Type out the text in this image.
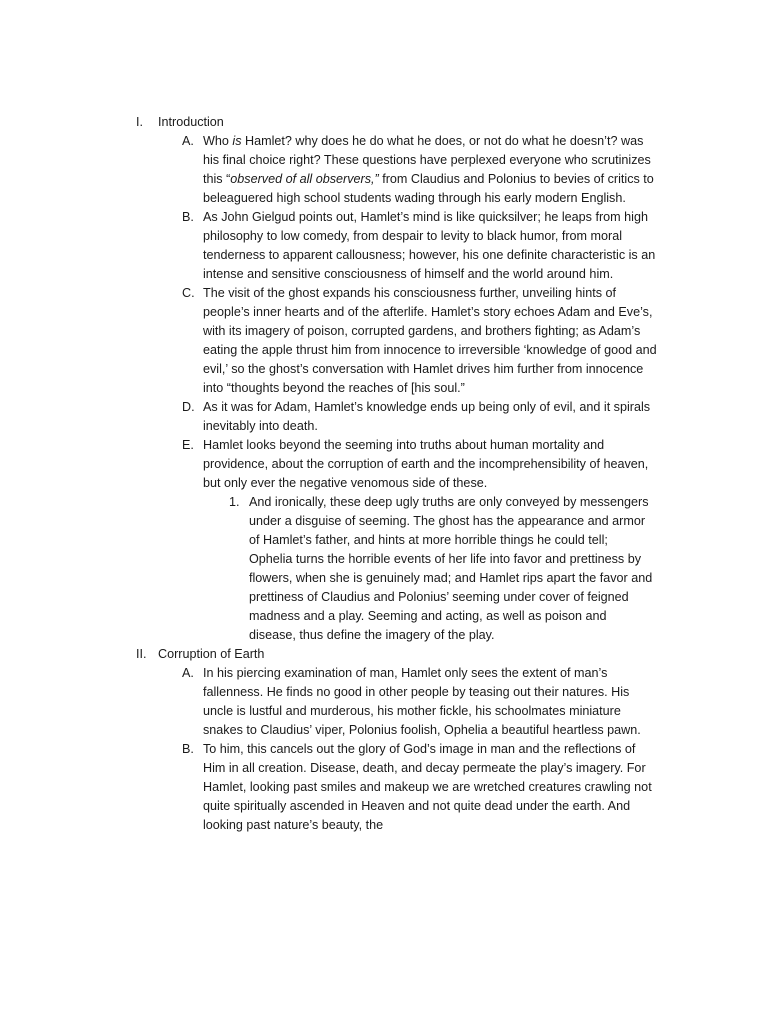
I. Introduction
A. Who is Hamlet? why does he do what he does, or not do what he doesn’t? was his final choice right? These questions have perplexed everyone who scrutinizes this “observed of all observers,” from Claudius and Polonius to bevies of critics to beleaguered high school students wading through his early modern English.
B. As John Gielgud points out, Hamlet’s mind is like quicksilver; he leaps from high philosophy to low comedy, from despair to levity to black humor, from moral tenderness to apparent callousness; however, his one definite characteristic is an intense and sensitive consciousness of himself and the world around him.
C. The visit of the ghost expands his consciousness further, unveiling hints of people’s inner hearts and of the afterlife. Hamlet’s story echoes Adam and Eve’s, with its imagery of poison, corrupted gardens, and brothers fighting; as Adam’s eating the apple thrust him from innocence to irreversible ‘knowledge of good and evil,’ so the ghost’s conversation with Hamlet drives him further from innocence into “thoughts beyond the reaches of [his soul.”
D. As it was for Adam, Hamlet’s knowledge ends up being only of evil, and it spirals inevitably into death.
E. Hamlet looks beyond the seeming into truths about human mortality and providence, about the corruption of earth and the incomprehensibility of heaven, but only ever the negative venomous side of these.
1. And ironically, these deep ugly truths are only conveyed by messengers under a disguise of seeming. The ghost has the appearance and armor of Hamlet’s father, and hints at more horrible things he could tell; Ophelia turns the horrible events of her life into favor and prettiness by flowers, when she is genuinely mad; and Hamlet rips apart the favor and prettiness of Claudius and Polonius’ seeming under cover of feigned madness and a play. Seeming and acting, as well as poison and disease, thus define the imagery of the play.
II. Corruption of Earth
A. In his piercing examination of man, Hamlet only sees the extent of man’s fallenness. He finds no good in other people by teasing out their natures. His uncle is lustful and murderous, his mother fickle, his schoolmates miniature snakes to Claudius’ viper, Polonius foolish, Ophelia a beautiful heartless pawn.
B. To him, this cancels out the glory of God’s image in man and the reflections of Him in all creation. Disease, death, and decay permeate the play’s imagery. For Hamlet, looking past smiles and makeup we are wretched creatures crawling not quite spiritually ascended in Heaven and not quite dead under the earth. And looking past nature’s beauty, the
